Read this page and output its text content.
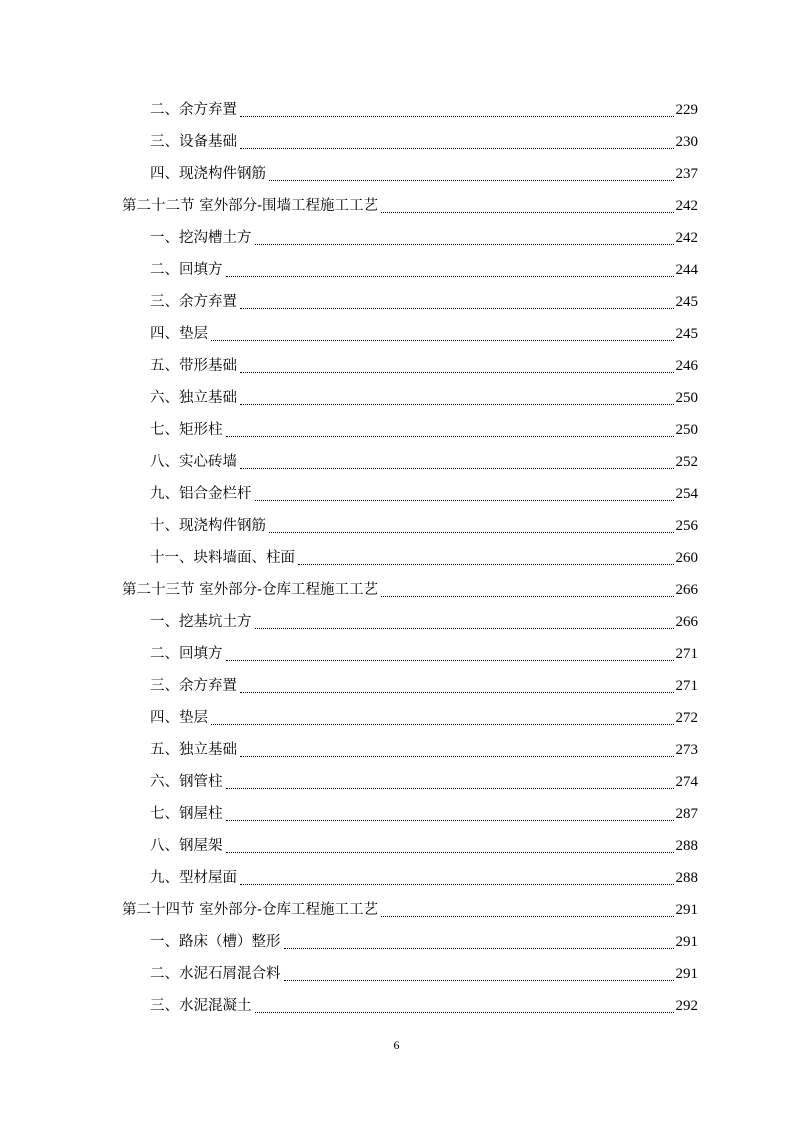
二、余方弃置	229
三、设备基础	230
四、现浇构件钢筋	237
第二十二节 室外部分-围墙工程施工工艺	242
一、挖沟槽土方	242
二、回填方	244
三、余方弃置	245
四、垫层	245
五、带形基础	246
六、独立基础	250
七、矩形柱	250
八、实心砖墙	252
九、铝合金栏杆	254
十、现浇构件钢筋	256
十一、块料墙面、柱面	260
第二十三节 室外部分-仓库工程施工工艺	266
一、挖基坑土方	266
二、回填方	271
三、余方弃置	271
四、垫层	272
五、独立基础	273
六、钢管柱	274
七、钢屋柱	287
八、钢屋架	288
九、型材屋面	288
第二十四节 室外部分-仓库工程施工工艺	291
一、路床（槽）整形	291
二、水泥石屑混合料	291
三、水泥混凝土	292
6
